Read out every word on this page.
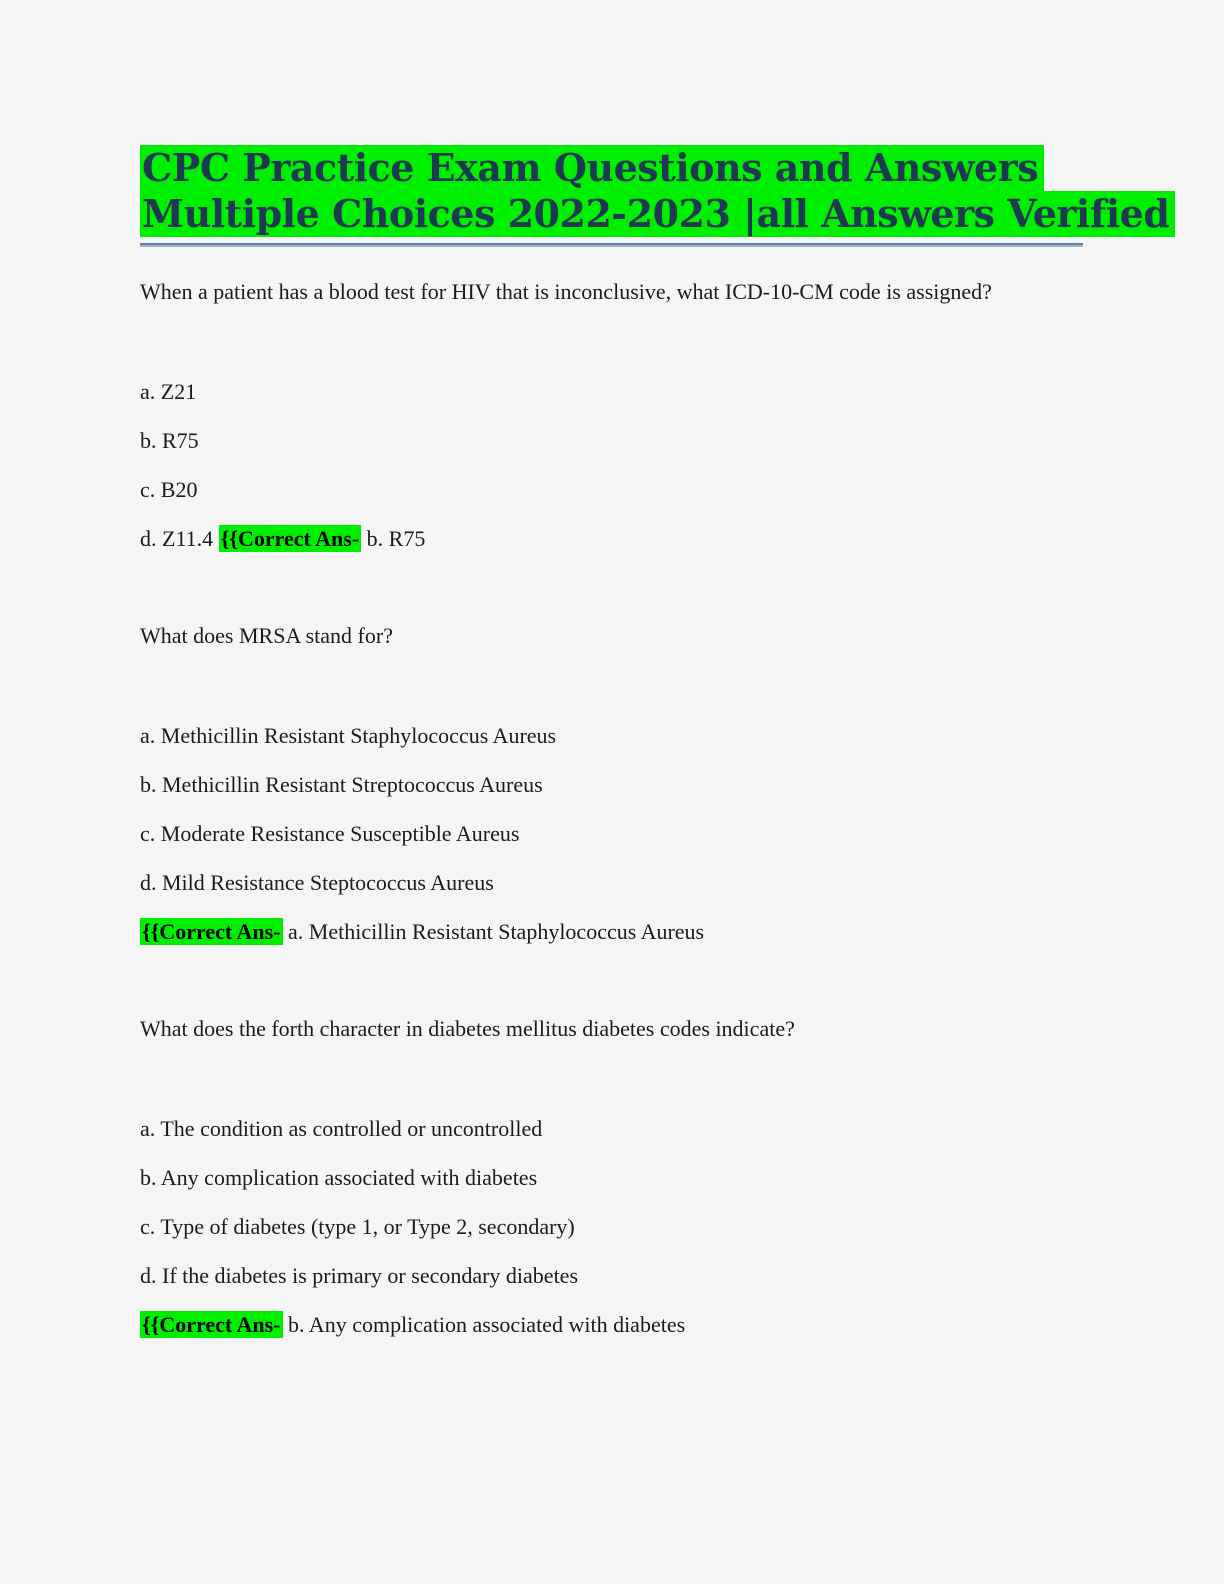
CPC Practice Exam Questions and Answers
Multiple Choices 2022-2023 |all Answers Verified

When a patient has a blood test for HIV that is inconclusive, what ICD-10-CM code is assigned?

a. Z21

b. R75

c. B20

d. Z11.4 {{Correct Ans- b. R75

What does MRSA stand for?

a. Methicillin Resistant Staphylococcus Aureus

b. Methicillin Resistant Streptococcus Aureus

c. Moderate Resistance Susceptible Aureus

d. Mild Resistance Steptococcus Aureus

{{Correct Ans- a. Methicillin Resistant Staphylococcus Aureus

What does the forth character in diabetes mellitus diabetes codes indicate?

a. The condition as controlled or uncontrolled

b. Any complication associated with diabetes

c. Type of diabetes (type 1, or Type 2, secondary)

d. If the diabetes is primary or secondary diabetes

{{Correct Ans- b. Any complication associated with diabetes
